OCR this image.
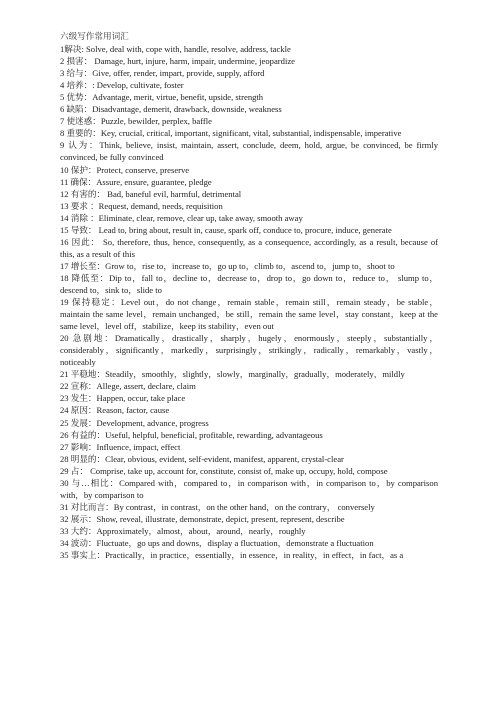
六级写作常用词汇

1解决: Solve, deal with, cope with, handle, resolve, address, tackle

2 损害： Damage, hurt, injure, harm, impair, undermine, jeopardize

3 给与：Give, offer, render, impart, provide, supply, afford

4 培养：: Develop, cultivate, foster

5 优势：Advantage, merit, virtue, benefit, upside, strength

6 缺陷：Disadvantage, demerit, drawback, downside, weakness

7 使迷惑：Puzzle, bewilder, perplex, baffle

8 重要的：Key, crucial, critical, important, significant, vital, substantial, indispensable, imperative

9 认为：Think, believe, insist, maintain, assert, conclude, deem, hold, argue, be convinced, be firmly convinced, be fully convinced

10 保护：Protect, conserve, preserve

11 确保：Assure, ensure, guarantee, pledge

12 有害的： Bad, baneful evil, harmful, detrimental

13 要求 ：Request, demand, needs, requisition

14 消除 ：Eliminate, clear, remove, clear up, take away, smooth away

15 导致： Lead to, bring about, result in, cause, spark off, conduce to, procure, induce, generate

16 因此： So, therefore, thus, hence, consequently, as a consequence, accordingly, as a result, because of this, as a result of this

17 增长至：Grow to，rise to，increase to，go up to，climb to，ascend to，jump to，shoot to

18 降低至：Dip to，fall to，decline to，decrease to，drop to，go down to，reduce to， slump to，descend to，sink to，slide to

19 保持稳定：Level out，do not change，remain stable，remain still，remain steady，be stable，maintain the same level，remain unchanged，be still，remain the same level，stay constant，keep at the same level，level off，stabilize，keep its stability，even out

20 急剧地：Dramatically，drastically，sharply，hugely，enormously，steeply，substantially，considerably，significantly，markedly，surprisingly，strikingly，radically，remarkably，vastly，noticeably

21 平稳地：Steadily，smoothly，slightly，slowly，marginally，gradually，moderately，mildly

22 宣称：Allege, assert, declare, claim

23 发生：Happen, occur, take place

24 原因：Reason, factor, cause

25 发展：Development, advance, progress

26 有益的：Useful, helpful, beneficial, profitable, rewarding, advantageous

27 影响：Influence, impact, effect

28 明显的：Clear, obvious, evident, self-evident, manifest, apparent, crystal-clear

29 占： Comprise, take up, account for, constitute, consist of, make up, occupy, hold, compose

30 与…相比：Compared with，compared to，in comparison with，in comparison to，by comparison with，by comparison to

31 对比而言：By contrast，in contrast，on the other hand，on the contrary， conversely

32 展示：Show, reveal, illustrate, demonstrate, depict, present, represent, describe

33 大约：Approximately，almost，about，around，nearly，roughly

34 波动：Fluctuate，go ups and downs，display a fluctuation，demonstrate a fluctuation

35 事实上：Practically，in practice，essentially，in essence，in reality，in effect，in fact，as a
